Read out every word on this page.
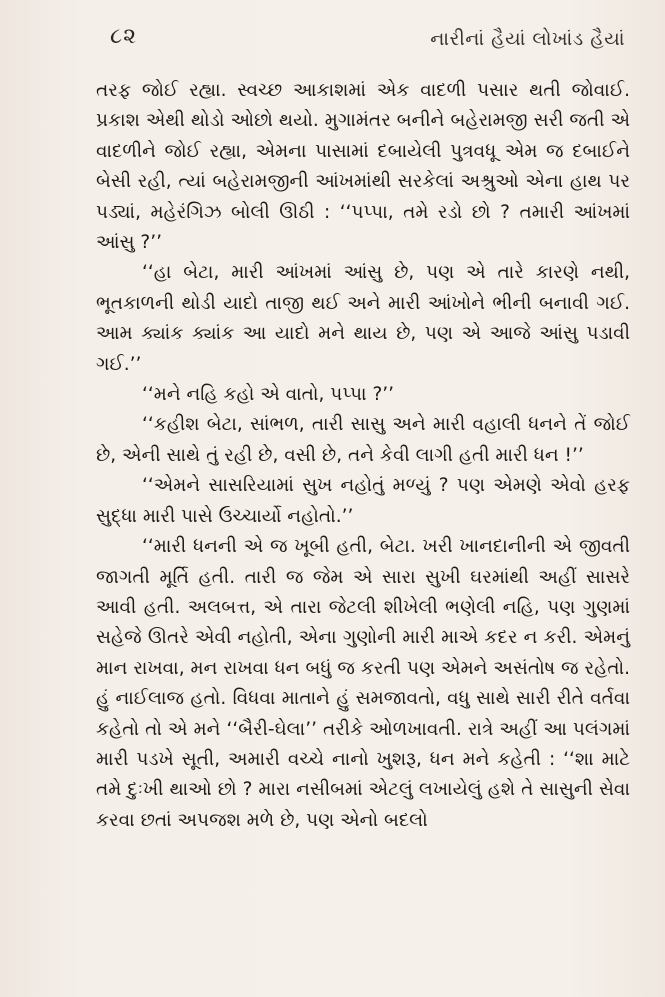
૮૨	નારીનાં હૈયાં લોખાંડ હૈયાં

તરફ જોઈ રહ્યા. સ્વચ્છ આકાશમાં એક વાદળી પસાર થતી જોવાઈ. પ્રકાશ એથી થોડો ઓછો થયો. મુગામંતર બનીને બહેરામજી સરી જતી એ વાદળીને જોઈ રહ્યા, એમના પાસામાં દબાયેલી પુત્રવધૂ એમ જ દબાઈને બેસી રહી, ત્યાં બહેરામજીની આંખમાંથી સરકેલાં અશ્રુઓ એના હાથ પર પડ્યાં, મહેરંગિઝ બોલી ઊઠી : ‘‘પપ્પા, તમે રડો છો ? તમારી આંખમાં આંસુ ?’’

‘‘હા બેટા, મારી આંખમાં આંસુ છે, પણ એ તારે કારણે નથી, ભૂતકાળની થોડી યાદો તાજી થઈ અને મારી આંખોને ભીની બનાવી ગઈ. આમ ક્યાંક ક્યાંક આ યાદો મને થાય છે, પણ એ આજે આંસુ પડાવી ગઈ.’’

‘‘મને નહિ કહો એ વાતો, પપ્પા ?’’

‘‘કહીશ બેટા, સાંભળ, તારી સાસુ અને મારી વહાલી ધનને તેં જોઈ છે, એની સાથે તું રહી છે, વસી છે, તને કેવી લાગી હતી મારી ધન !’’

‘‘એમને સાસરિયામાં સુખ નહોતું મળ્યું ? પણ એમણે એવો હરફ સુદ્ધા મારી પાસે ઉચ્ચાર્યો નહોતો.’’

‘‘મારી ધનની એ જ ખૂબી હતી, બેટા. ખરી ખાનદાનીની એ જીવતી જાગતી મૂર્તિ હતી. તારી જ જેમ એ સારા સુખી ઘરમાંથી અહીં સાસરે આવી હતી. અલબત્ત, એ તારા જેટલી શીખેલી ભણેલી નહિ, પણ ગુણમાં સહેજે ઊતરે એવી નહોતી, એના ગુણોની મારી માએ કદર ન કરી. એમનું માન રાખવા, મન રાખવા ધન બધું જ કરતી પણ એમને અસંતોષ જ રહેતો. હું નાઈલાજ હતો. વિધવા માતાને હું સમજાવતો, વધુ સાથે સારી રીતે વર્તવા કહેતો તો એ મને ‘‘બૈરી-ઘેલા’’ તરીકે ઓળખાવતી. રાત્રે અહીં આ પલંગમાં મારી પડખે સૂતી, અમારી વચ્ચે નાનો ખુશરૂ, ધન મને કહેતી : ‘‘શા માટે તમે દુઃખી થાઓ છો ? મારા નસીબમાં એટલું લખાયેલું હશે તે સાસુની સેવા કરવા છતાં અપજશ મળે છે, પણ એનો બદલો
